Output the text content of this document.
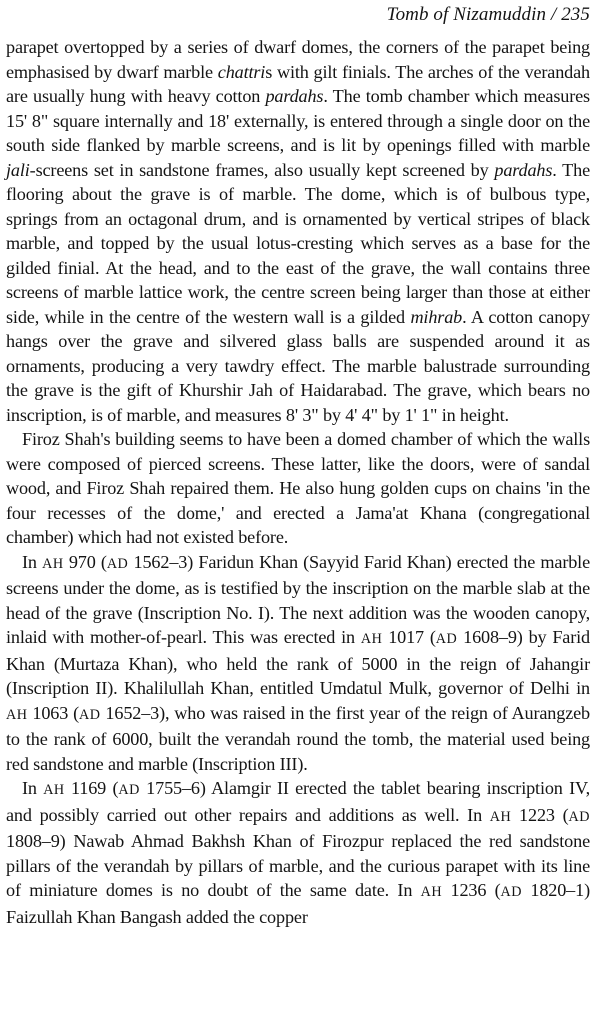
Tomb of Nizamuddin / 235

parapet overtopped by a series of dwarf domes, the corners of the parapet being emphasised by dwarf marble chattris with gilt finials. The arches of the verandah are usually hung with heavy cotton pardahs. The tomb chamber which measures 15' 8" square internally and 18' externally, is entered through a single door on the south side flanked by marble screens, and is lit by openings filled with marble jali-screens set in sandstone frames, also usually kept screened by pardahs. The flooring about the grave is of marble. The dome, which is of bulbous type, springs from an octagonal drum, and is ornamented by vertical stripes of black marble, and topped by the usual lotus-cresting which serves as a base for the gilded finial. At the head, and to the east of the grave, the wall contains three screens of marble lattice work, the centre screen being larger than those at either side, while in the centre of the western wall is a gilded mihrab. A cotton canopy hangs over the grave and silvered glass balls are suspended around it as ornaments, producing a very tawdry effect. The marble balustrade surrounding the grave is the gift of Khurshir Jah of Haidarabad. The grave, which bears no inscription, is of marble, and measures 8' 3" by 4' 4" by 1' 1" in height.

Firoz Shah's building seems to have been a domed chamber of which the walls were composed of pierced screens. These latter, like the doors, were of sandal wood, and Firoz Shah repaired them. He also hung golden cups on chains 'in the four recesses of the dome,' and erected a Jama'at Khana (congregational chamber) which had not existed before.

In AH 970 (AD 1562–3) Faridun Khan (Sayyid Farid Khan) erected the marble screens under the dome, as is testified by the inscription on the marble slab at the head of the grave (Inscription No. I). The next addition was the wooden canopy, inlaid with mother-of-pearl. This was erected in AH 1017 (AD 1608–9) by Farid Khan (Murtaza Khan), who held the rank of 5000 in the reign of Jahangir (Inscription II). Khalilullah Khan, entitled Umdatul Mulk, governor of Delhi in AH 1063 (AD 1652–3), who was raised in the first year of the reign of Aurangzeb to the rank of 6000, built the verandah round the tomb, the material used being red sandstone and marble (Inscription III).

In AH 1169 (AD 1755–6) Alamgir II erected the tablet bearing inscription IV, and possibly carried out other repairs and additions as well. In AH 1223 (AD 1808–9) Nawab Ahmad Bakhsh Khan of Firozpur replaced the red sandstone pillars of the verandah by pillars of marble, and the curious parapet with its line of miniature domes is no doubt of the same date. In AH 1236 (AD 1820–1) Faizullah Khan Bangash added the copper
